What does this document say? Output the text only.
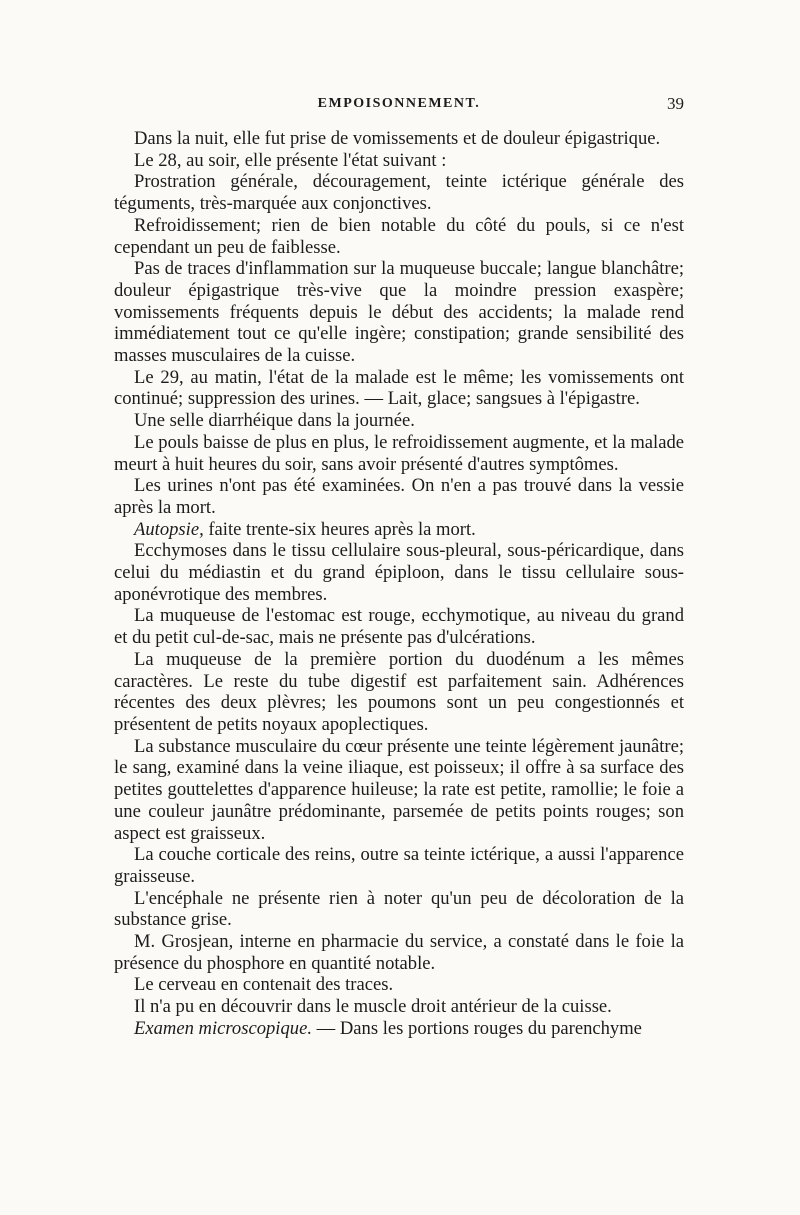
EMPOISONNEMENT.	39

Dans la nuit, elle fut prise de vomissements et de douleur épigastrique.

Le 28, au soir, elle présente l'état suivant :

Prostration générale, découragement, teinte ictérique générale des téguments, très-marquée aux conjonctives.

Refroidissement; rien de bien notable du côté du pouls, si ce n'est cependant un peu de faiblesse.

Pas de traces d'inflammation sur la muqueuse buccale; langue blanchâtre; douleur épigastrique très-vive que la moindre pression exaspère; vomissements fréquents depuis le début des accidents; la malade rend immédiatement tout ce qu'elle ingère; constipation; grande sensibilité des masses musculaires de la cuisse.

Le 29, au matin, l'état de la malade est le même; les vomissements ont continué; suppression des urines. — Lait, glace; sangsues à l'épigastre.

Une selle diarrhéique dans la journée.

Le pouls baisse de plus en plus, le refroidissement augmente, et la malade meurt à huit heures du soir, sans avoir présenté d'autres symptômes.

Les urines n'ont pas été examinées. On n'en a pas trouvé dans la vessie après la mort.

Autopsie, faite trente-six heures après la mort.

Ecchymoses dans le tissu cellulaire sous-pleural, sous-péricardique, dans celui du médiastin et du grand épiploon, dans le tissu cellulaire sous-aponévrotique des membres.

La muqueuse de l'estomac est rouge, ecchymotique, au niveau du grand et du petit cul-de-sac, mais ne présente pas d'ulcérations.

La muqueuse de la première portion du duodénum a les mêmes caractères. Le reste du tube digestif est parfaitement sain. Adhérences récentes des deux plèvres; les poumons sont un peu congestionnés et présentent de petits noyaux apoplectiques.

La substance musculaire du cœur présente une teinte légèrement jaunâtre; le sang, examiné dans la veine iliaque, est poisseux; il offre à sa surface des petites gouttelettes d'apparence huileuse; la rate est petite, ramollie; le foie a une couleur jaunâtre prédominante, parsemée de petits points rouges; son aspect est graisseux.

La couche corticale des reins, outre sa teinte ictérique, a aussi l'apparence graisseuse.

L'encéphale ne présente rien à noter qu'un peu de décoloration de la substance grise.

M. Grosjean, interne en pharmacie du service, a constaté dans le foie la présence du phosphore en quantité notable.

Le cerveau en contenait des traces.

Il n'a pu en découvrir dans le muscle droit antérieur de la cuisse.

Examen microscopique. — Dans les portions rouges du parenchyme
